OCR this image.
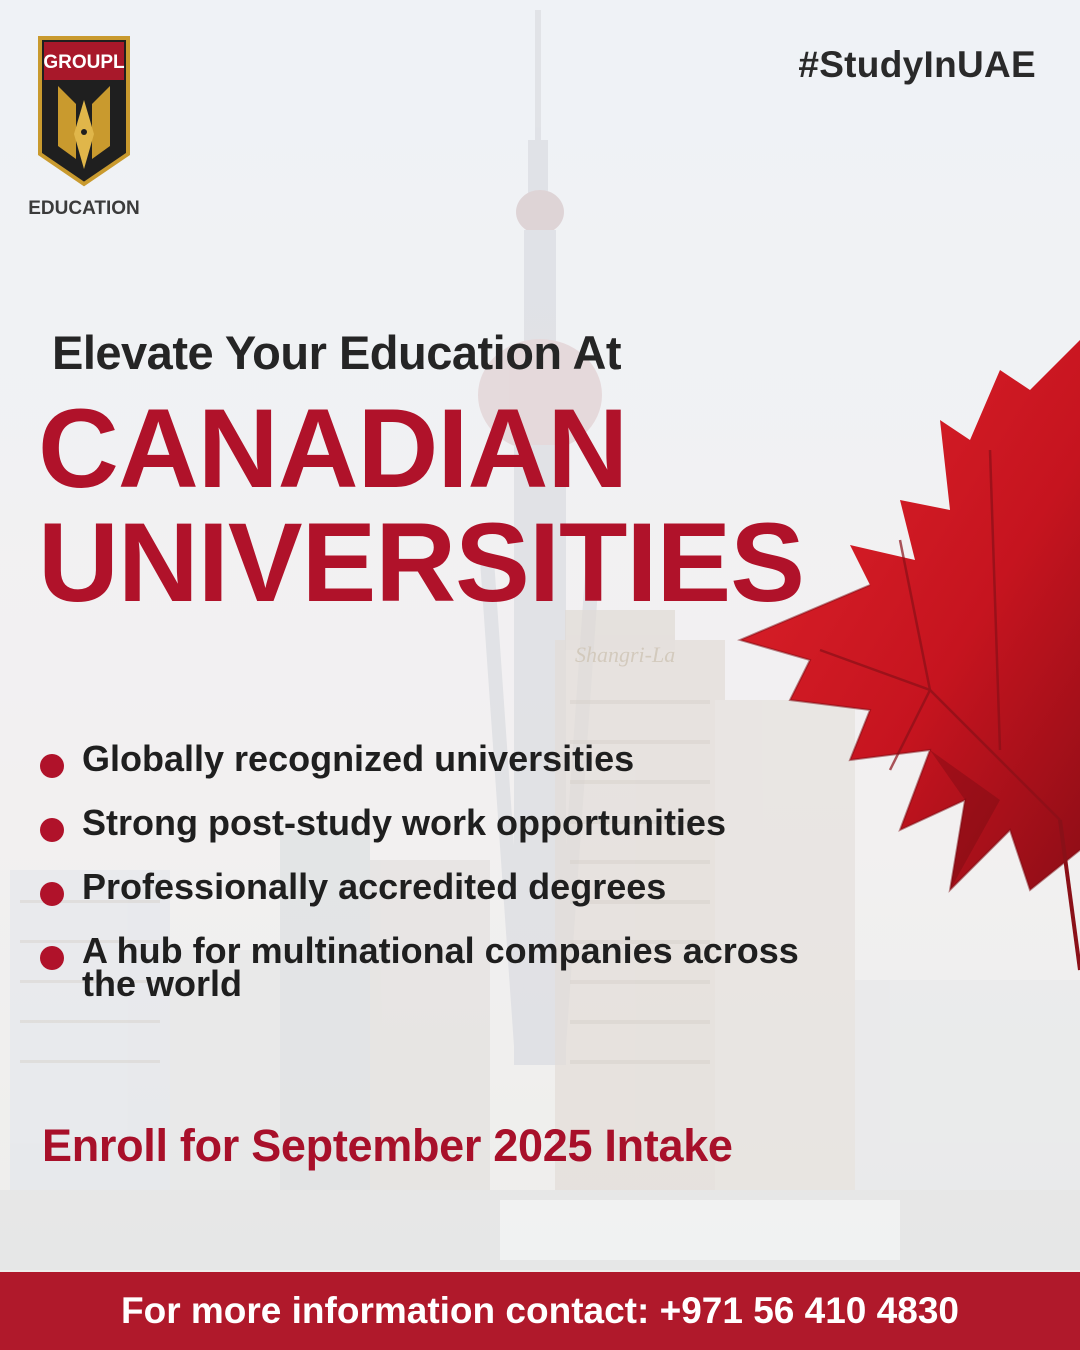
Shangri-La
GROUPL
EDUCATION
#StudyInUAE
Elevate Your Education At
CANADIAN
UNIVERSITIES
Globally recognized universities
Strong post-study work opportunities
Professionally accredited degrees
A hub for multinational companies across the world
Enroll for September 2025 Intake
For more information contact: +971 56 410 4830
